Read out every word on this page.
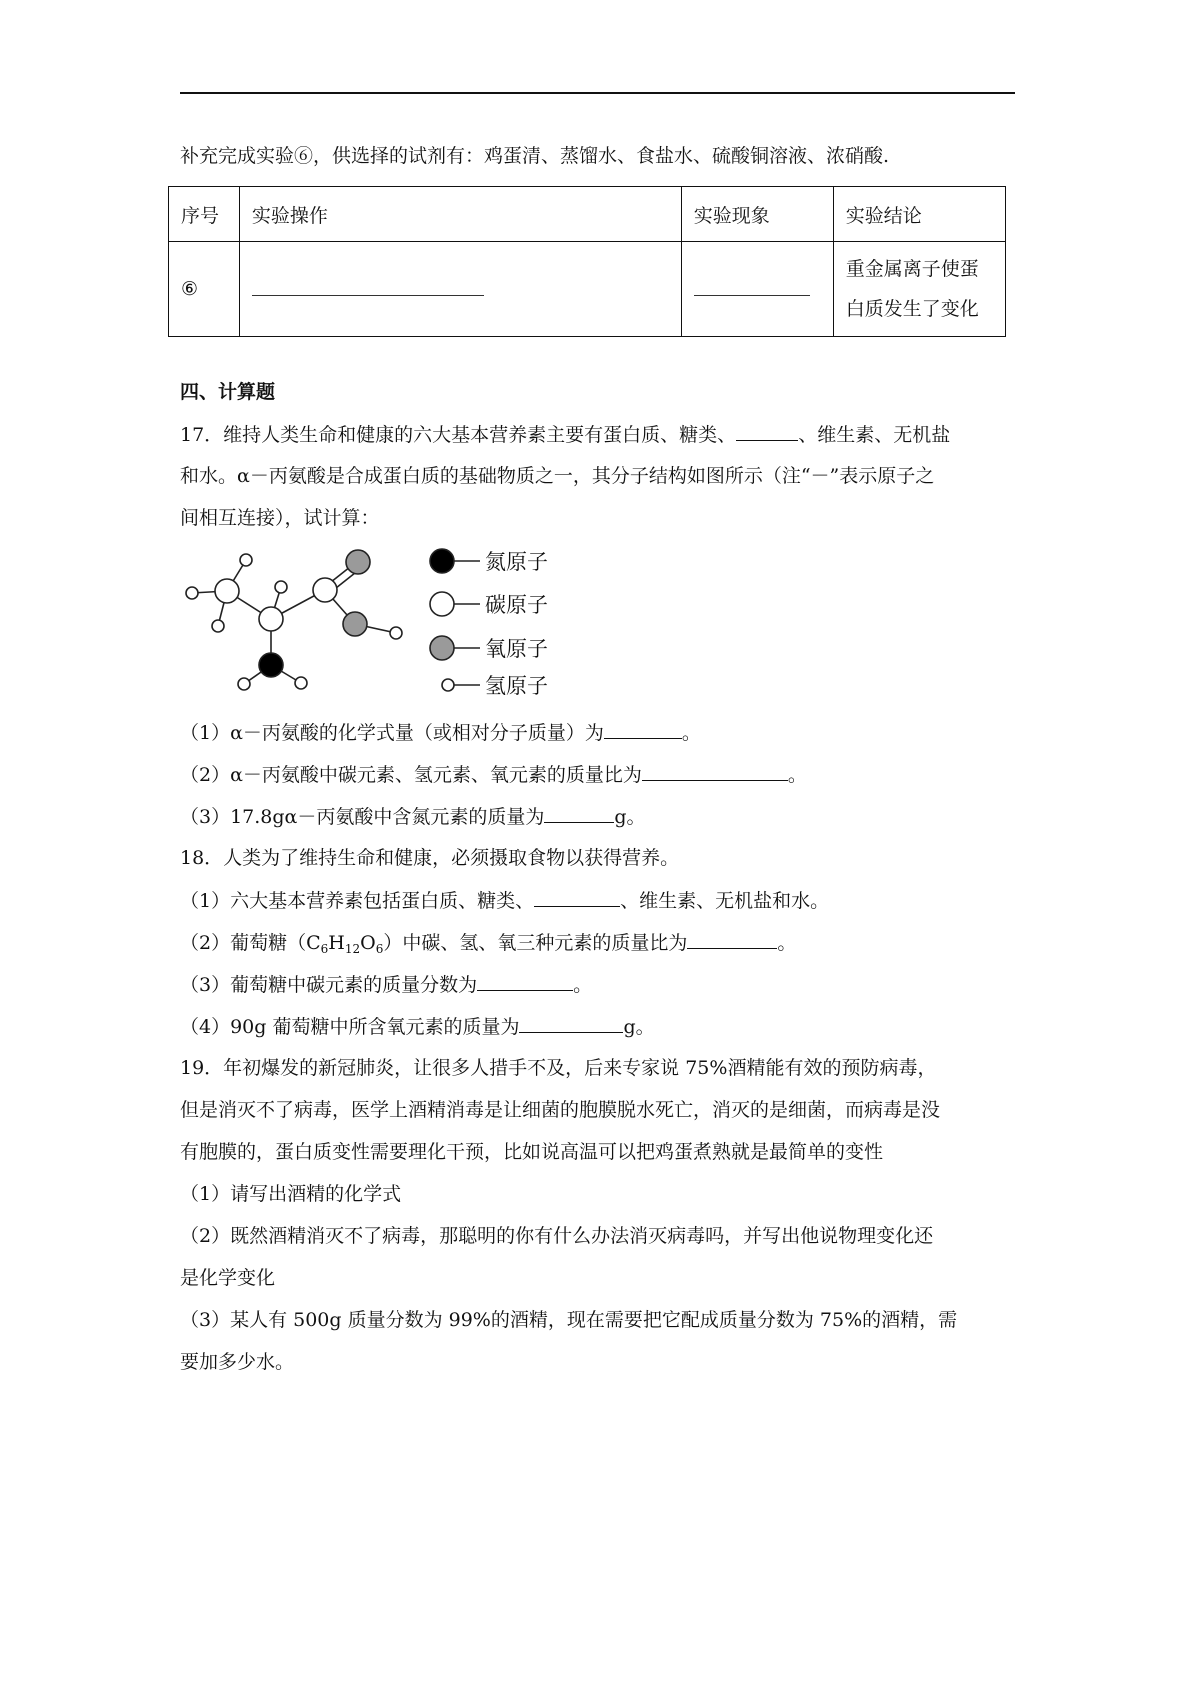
补充完成实验⑥，供选择的试剂有：鸡蛋清、蒸馏水、食盐水、硫酸铜溶液、浓硝酸.
序号	实验操作	实验现象	实验结论
⑥			重金属离子使蛋
白质发生了变化
四、计算题
17．维持人类生命和健康的六大基本营养素主要有蛋白质、糖类、	、维生素、无机盐
和水。α－丙氨酸是合成蛋白质的基础物质之一，其分子结构如图所示（注“－”表示原子之
间相互连接），试计算：
氮原子
碳原子
氧原子
氢原子
（1）α－丙氨酸的化学式量（或相对分子质量）为	。
（2）α－丙氨酸中碳元素、氢元素、氧元素的质量比为	。
（3）17.8gα－丙氨酸中含氮元素的质量为	g。
18．人类为了维持生命和健康，必须摄取食物以获得营养。
（1）六大基本营养素包括蛋白质、糖类、	、维生素、无机盐和水。
（2）葡萄糖$(C_6H_{12}O_6)$中碳、氢、氧三种元素的质量比为	。
（3）葡萄糖中碳元素的质量分数为	。
（4）90g 葡萄糖中所含氧元素的质量为	g。
19．年初爆发的新冠肺炎，让很多人措手不及，后来专家说 75%酒精能有效的预防病毒，
但是消灭不了病毒，医学上酒精消毒是让细菌的胞膜脱水死亡，消灭的是细菌，而病毒是没
有胞膜的，蛋白质变性需要理化干预，比如说高温可以把鸡蛋煮熟就是最简单的变性
（1）请写出酒精的化学式
（2）既然酒精消灭不了病毒，那聪明的你有什么办法消灭病毒吗，并写出他说物理变化还
是化学变化
（3）某人有 500g 质量分数为 99%的酒精，现在需要把它配成质量分数为 75%的酒精，需
要加多少水。
